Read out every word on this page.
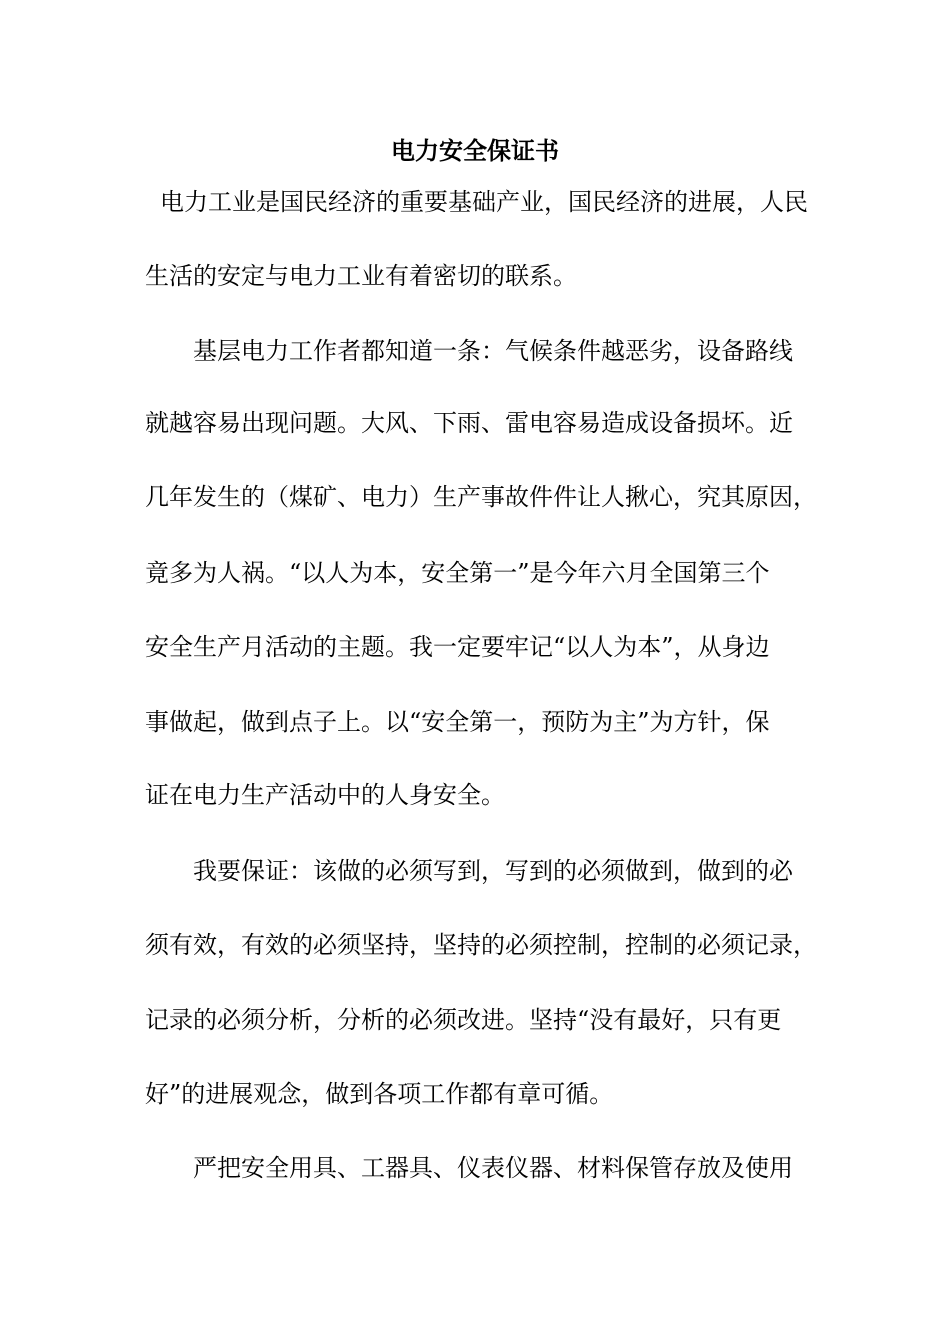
电力安全保证书
电力工业是国民经济的重要基础产业，国民经济的进展，人民
生活的安定与电力工业有着密切的联系。
基层电力工作者都知道一条：气候条件越恶劣，设备路线
就越容易出现问题。大风、下雨、雷电容易造成设备损坏。近
几年发生的（煤矿、电力）生产事故件件让人揪心，究其原因，
竟多为人祸。“以人为本，安全第一”是今年六月全国第三个
安全生产月活动的主题。我一定要牢记“以人为本”，从身边
事做起，做到点子上。以“安全第一，预防为主”为方针，保
证在电力生产活动中的人身安全。
我要保证：该做的必须写到，写到的必须做到，做到的必
须有效，有效的必须坚持，坚持的必须控制，控制的必须记录，
记录的必须分析，分析的必须改进。坚持“没有最好，只有更
好”的进展观念，做到各项工作都有章可循。
严把安全用具、工器具、仪表仪器、材料保管存放及使用
